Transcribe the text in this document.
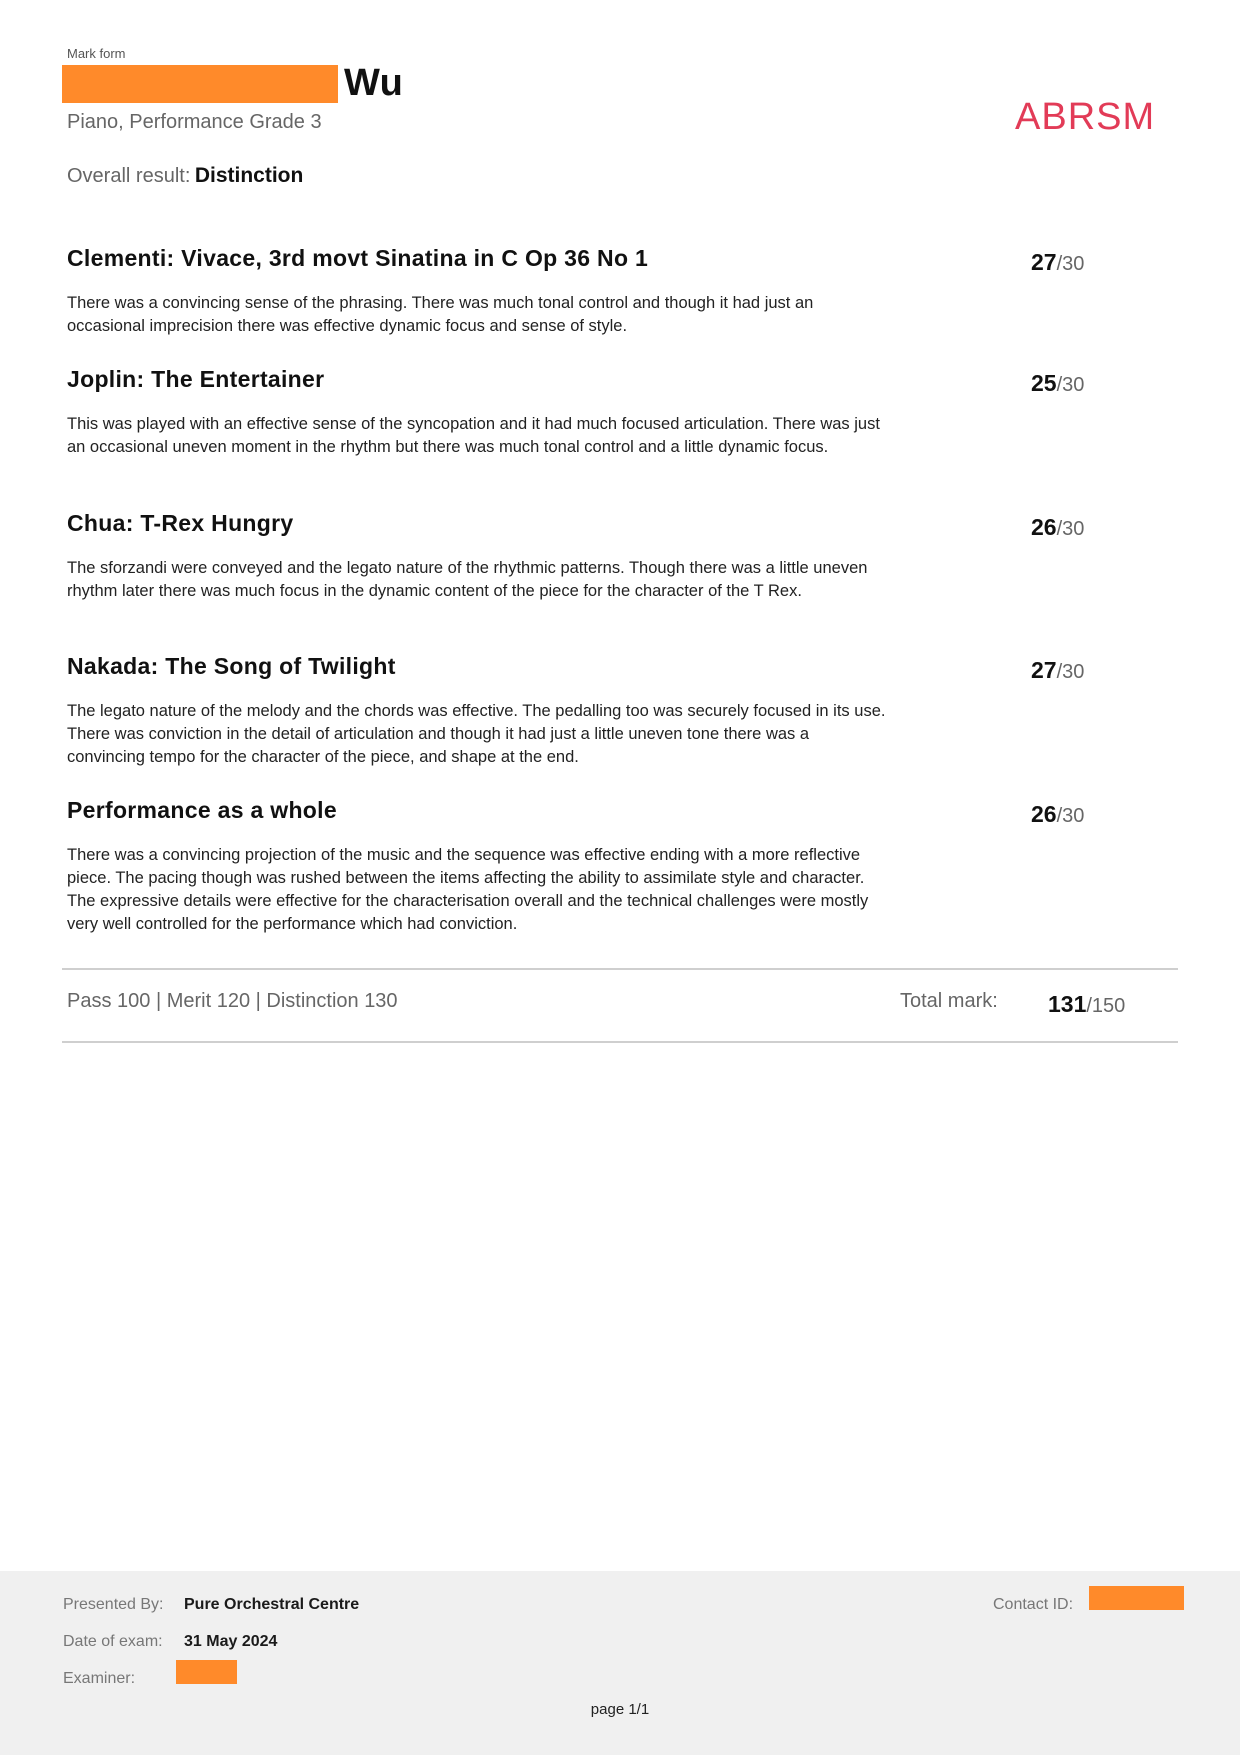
Mark form
Wu
Piano, Performance Grade 3	ABRSM
Overall result: Distinction
Clementi: Vivace, 3rd movt Sinatina in C Op 36 No 1	27/30
There was a convincing sense of the phrasing. There was much tonal control and though it had just an occasional imprecision there was effective dynamic focus and sense of style.
Joplin: The Entertainer	25/30
This was played with an effective sense of the syncopation and it had much focused articulation. There was just an occasional uneven moment in the rhythm but there was much tonal control and a little dynamic focus.
Chua: T-Rex Hungry	26/30
The sforzandi were conveyed and the legato nature of the rhythmic patterns. Though there was a little uneven rhythm later there was much focus in the dynamic content of the piece for the character of the T Rex.
Nakada: The Song of Twilight	27/30
The legato nature of the melody and the chords was effective. The pedalling too was securely focused in its use. There was conviction in the detail of articulation and though it had just a little uneven tone there was a convincing tempo for the character of the piece, and shape at the end.
Performance as a whole	26/30
There was a convincing projection of the music and the sequence was effective ending with a more reflective piece. The pacing though was rushed between the items affecting the ability to assimilate style and character. The expressive details were effective for the characterisation overall and the technical challenges were mostly very well controlled for the performance which had conviction.
Pass 100 | Merit 120 | Distinction 130	Total mark: 131/150
Presented By: Pure Orchestral Centre
Date of exam: 31 May 2024
Examiner:
Contact ID:
page 1/1
